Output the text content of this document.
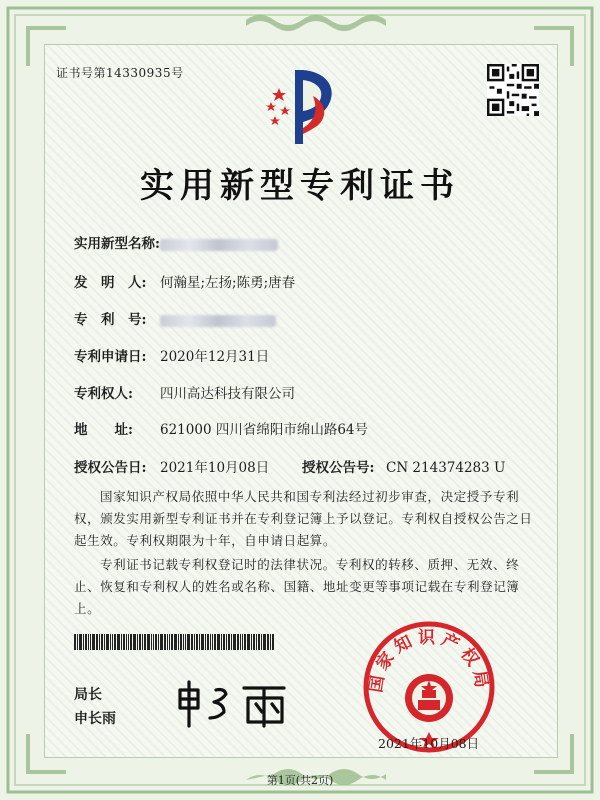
证书号第14330935号
实用新型专利证书
实用新型名称:
发　明　人: 何瀚星;左扬;陈勇;唐春
专　利　号:
专利申请日: 2020年12月31日
专利权人: 四川高达科技有限公司
地　　址: 621000 四川省绵阳市绵山路64号
授权公告日: 2021年10月08日 授权公告号: CN 214374283 U
国家知识产权局依照中华人民共和国专利法经过初步审查，决定授予专利权，颁发实用新型专利证书并在专利登记簿上予以登记。专利权自授权公告之日起生效。专利权期限为十年，自申请日起算。
专利证书记载专利权登记时的法律状况。专利权的转移、质押、无效、终止、恢复和专利权人的姓名或名称、国籍、地址变更等事项记载在专利登记簿上。
局长
申长雨
国家知识产权局
2021年10月08日
第1页(共2页)
